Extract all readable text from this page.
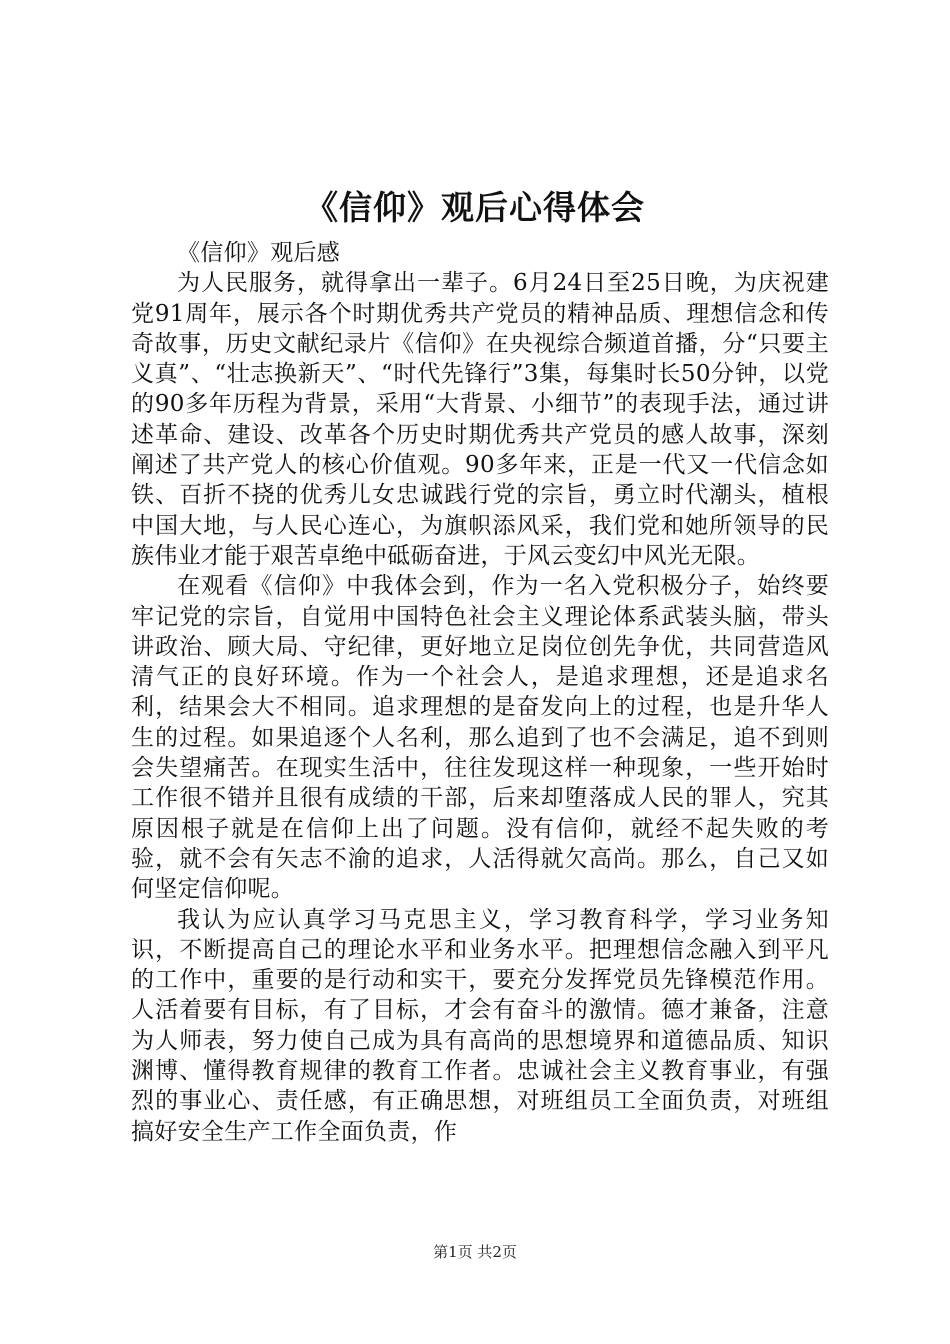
《信仰》观后心得体会

《信仰》观后感

为人民服务，就得拿出一辈子。6月24日至25日晚，为庆祝建党91周年，展示各个时期优秀共产党员的精神品质、理想信念和传奇故事，历史文献纪录片《信仰》在央视综合频道首播，分“只要主义真”、“壮志换新天”、“时代先锋行”3集，每集时长50分钟，以党的90多年历程为背景，采用“大背景、小细节”的表现手法，通过讲述革命、建设、改革各个历史时期优秀共产党员的感人故事，深刻阐述了共产党人的核心价值观。90多年来，正是一代又一代信念如铁、百折不挠的优秀儿女忠诚践行党的宗旨，勇立时代潮头，植根中国大地，与人民心连心，为旗帜添风采，我们党和她所领导的民族伟业才能于艰苦卓绝中砥砺奋进，于风云变幻中风光无限。

在观看《信仰》中我体会到，作为一名入党积极分子，始终要牢记党的宗旨，自觉用中国特色社会主义理论体系武装头脑，带头讲政治、顾大局、守纪律，更好地立足岗位创先争优，共同营造风清气正的良好环境。作为一个社会人，是追求理想，还是追求名利，结果会大不相同。追求理想的是奋发向上的过程，也是升华人生的过程。如果追逐个人名利，那么追到了也不会满足，追不到则会失望痛苦。在现实生活中，往往发现这样一种现象，一些开始时工作很不错并且很有成绩的干部，后来却堕落成人民的罪人，究其原因根子就是在信仰上出了问题。没有信仰，就经不起失败的考验，就不会有矢志不渝的追求，人活得就欠高尚。那么，自己又如何坚定信仰呢。

我认为应认真学习马克思主义，学习教育科学，学习业务知识，不断提高自己的理论水平和业务水平。把理想信念融入到平凡的工作中，重要的是行动和实干，要充分发挥党员先锋模范作用。人活着要有目标，有了目标，才会有奋斗的激情。德才兼备，注意为人师表，努力使自己成为具有高尚的思想境界和道德品质、知识渊博、懂得教育规律的教育工作者。忠诚社会主义教育事业，有强烈的事业心、责任感，有正确思想，对班组员工全面负责，对班组搞好安全生产工作全面负责，作

第1页 共2页
